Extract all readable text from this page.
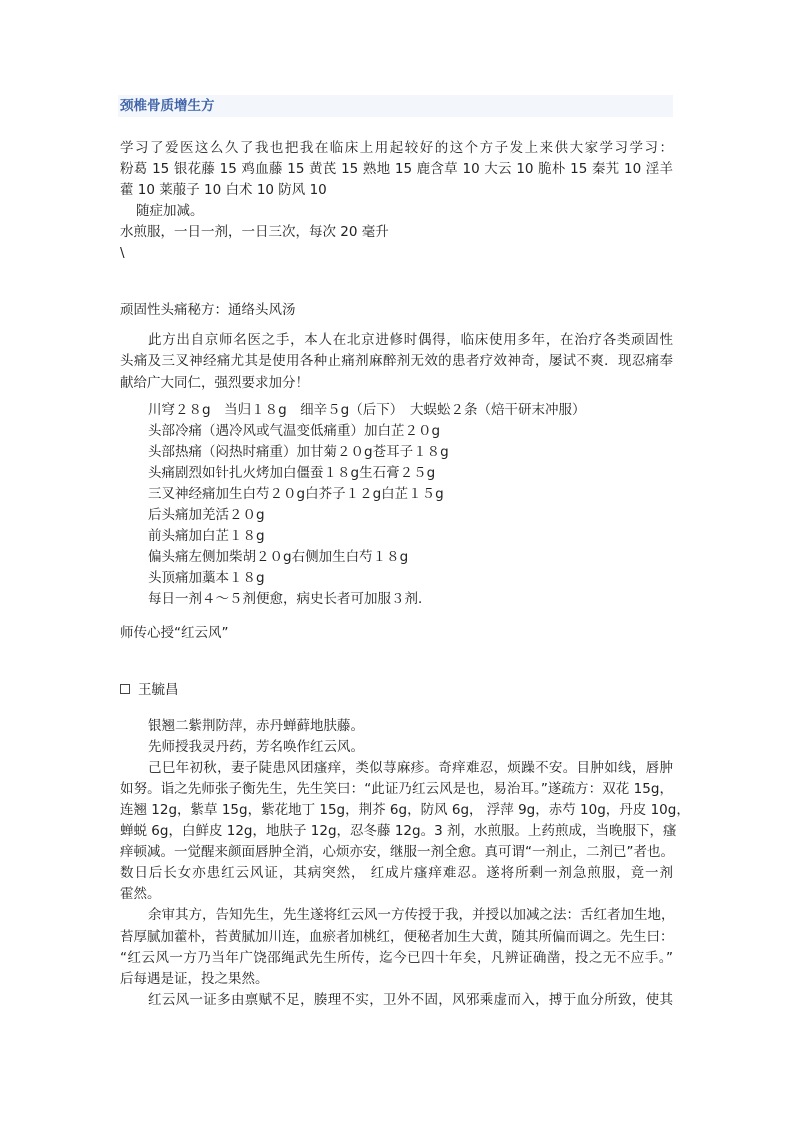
颈椎骨质增生方
学习了爱医这么久了我也把我在临床上用起较好的这个方子发上来供大家学习学习：
粉葛 15 银花藤 15 鸡血藤 15 黄芪 15 熟地 15 鹿含草 10 大云 10 脆朴 15 秦艽 10 淫羊
藿 10 莱菔子 10 白术 10 防风 10
随症加减。
水煎服，一日一剂，一日三次，每次 20 毫升
\
顽固性头痛秘方：通络头风汤
此方出自京师名医之手，本人在北京进修时偶得，临床使用多年，在治疗各类顽固性
头痛及三叉神经痛尤其是使用各种止痛剂麻醉剂无效的患者疗效神奇，屡试不爽．现忍痛奉
献给广大同仁，强烈要求加分！
川穹２８g　当归１８g　细辛５g（后下）　大蜈蚣２条（焙干研末冲服）
头部冷痛（遇冷风或气温变低痛重）加白芷２０g
头部热痛（闷热时痛重）加甘菊２０g苍耳子１８g
头痛剧烈如针扎火烤加白僵蚕１８g生石膏２５g
三叉神经痛加生白芍２０g白芥子１２g白芷１５g
后头痛加羌活２０g
前头痛加白芷１８g
偏头痛左侧加柴胡２０g右侧加生白芍１８g
头顶痛加藁本１８g
每日一剂４～５剂便愈，病史长者可加服３剂．
师传心授“红云风”
王毓昌
银翘二紫荆防萍，赤丹蝉藓地肤藤。
先师授我灵丹药，芳名唤作红云风。
己巳年初秋，妻子陡患风团瘙痒，类似荨麻疹。奇痒难忍，烦躁不安。目肿如线，唇肿
如努。诣之先师张子衡先生，先生笑曰：“此证乃红云风是也，易治耳。”遂疏方：双花 15g，
连翘 12g，紫草 15g，紫花地丁 15g，荆芥 6g，防风 6g， 浮萍 9g，赤芍 10g，丹皮 10g，
蝉蜕 6g，白鲜皮 12g，地肤子 12g，忍冬藤 12g。3 剂，水煎服。上药煎成，当晚服下，瘙
痒顿减。一觉醒来颜面唇肿全消，心烦亦安，继服一剂全愈。真可谓“一剂止，二剂已”者也。
数日后长女亦患红云风证，其病突然， 红成片瘙痒难忍。遂将所剩一剂急煎服，竟一剂
霍然。
余审其方，告知先生，先生遂将红云风一方传授于我，并授以加减之法：舌红者加生地，
苔厚腻加藿朴，苔黄腻加川连，血瘀者加桃红，便秘者加生大黄，随其所偏而调之。先生曰：
“红云风一方乃当年广饶邵绳武先生所传，迄今已四十年矣，凡辨证确凿，投之无不应手。”
后每遇是证，投之果然。
红云风一证多由禀赋不足，腠理不实，卫外不固，风邪乘虚而入，搏于血分所致，使其
